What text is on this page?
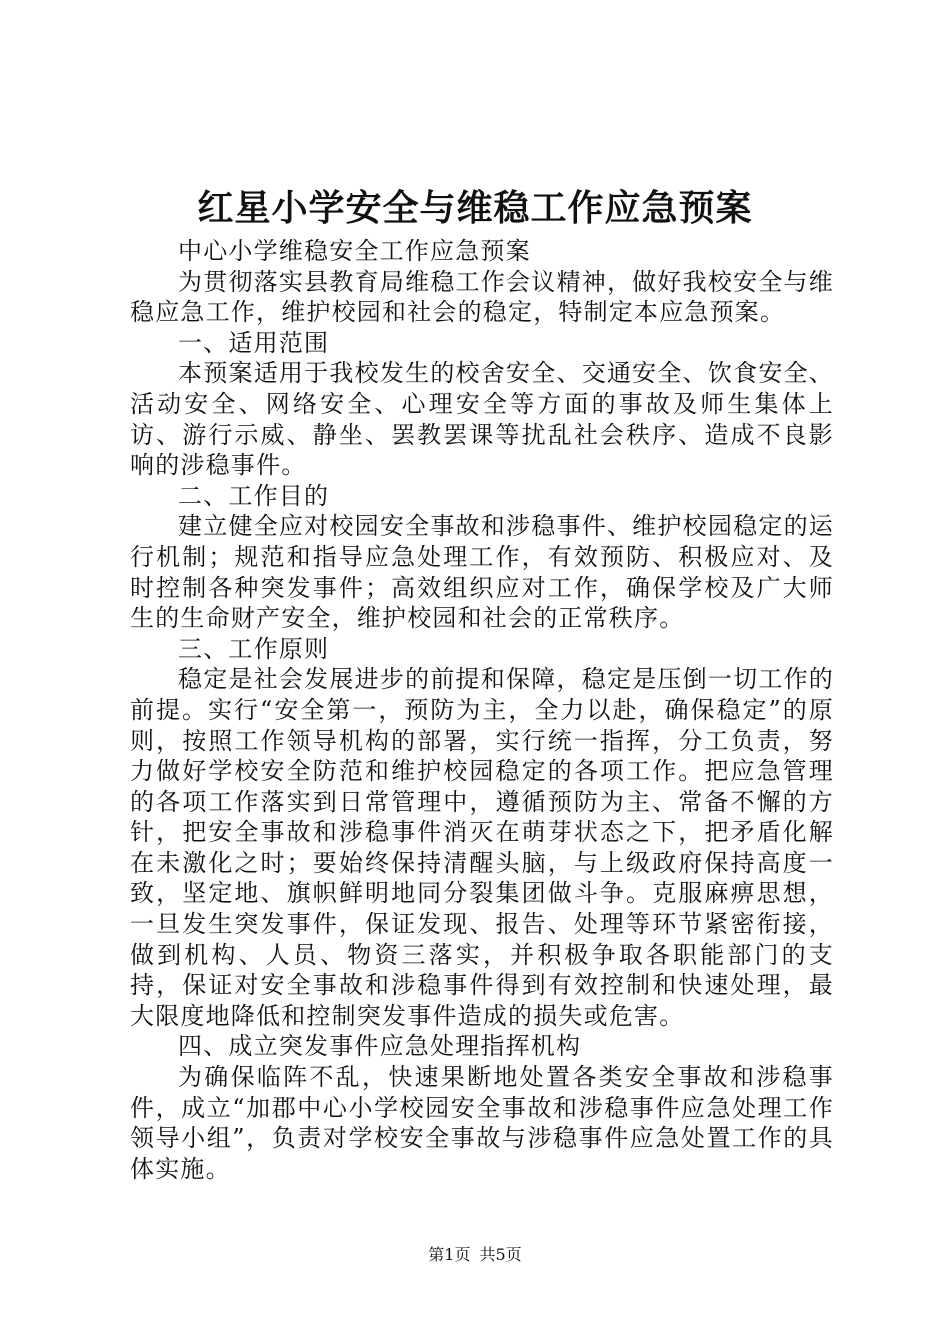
红星小学安全与维稳工作应急预案

中心小学维稳安全工作应急预案

为贯彻落实县教育局维稳工作会议精神，做好我校安全与维稳应急工作，维护校园和社会的稳定，特制定本应急预案。

一、适用范围

本预案适用于我校发生的校舍安全、交通安全、饮食安全、活动安全、网络安全、心理安全等方面的事故及师生集体上访、游行示威、静坐、罢教罢课等扰乱社会秩序、造成不良影响的涉稳事件。

二、工作目的

建立健全应对校园安全事故和涉稳事件、维护校园稳定的运行机制；规范和指导应急处理工作，有效预防、积极应对、及时控制各种突发事件；高效组织应对工作，确保学校及广大师生的生命财产安全，维护校园和社会的正常秩序。

三、工作原则

稳定是社会发展进步的前提和保障，稳定是压倒一切工作的前提。实行“安全第一，预防为主，全力以赴，确保稳定”的原则，按照工作领导机构的部署，实行统一指挥，分工负责，努力做好学校安全防范和维护校园稳定的各项工作。把应急管理的各项工作落实到日常管理中，遵循预防为主、常备不懈的方针，把安全事故和涉稳事件消灭在萌芽状态之下，把矛盾化解在未激化之时；要始终保持清醒头脑，与上级政府保持高度一致，坚定地、旗帜鲜明地同分裂集团做斗争。克服麻痹思想，一旦发生突发事件，保证发现、报告、处理等环节紧密衔接，做到机构、人员、物资三落实，并积极争取各职能部门的支持，保证对安全事故和涉稳事件得到有效控制和快速处理，最大限度地降低和控制突发事件造成的损失或危害。

四、成立突发事件应急处理指挥机构

为确保临阵不乱，快速果断地处置各类安全事故和涉稳事件，成立“加郡中心小学校园安全事故和涉稳事件应急处理工作领导小组”，负责对学校安全事故与涉稳事件应急处置工作的具体实施。

第1页 共5页
